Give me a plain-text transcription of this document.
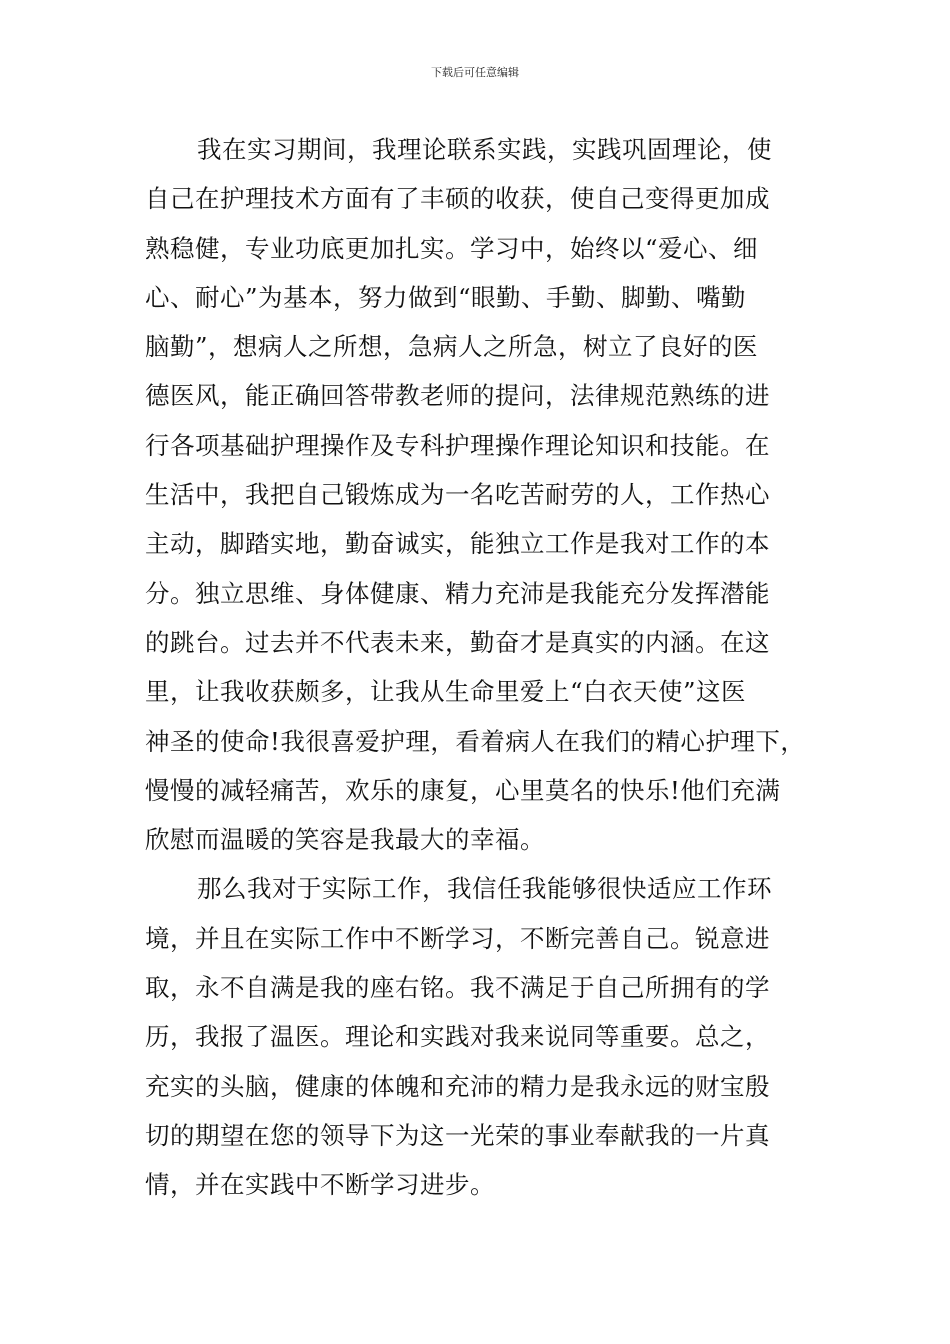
下载后可任意编辑
我在实习期间，我理论联系实践，实践巩固理论，使
自己在护理技术方面有了丰硕的收获，使自己变得更加成
熟稳健，专业功底更加扎实。学习中，始终以“爱心、细
心、耐心”为基本，努力做到“眼勤、手勤、脚勤、嘴勤
脑勤”，想病人之所想，急病人之所急，树立了良好的医
德医风，能正确回答带教老师的提问，法律规范熟练的进
行各项基础护理操作及专科护理操作理论知识和技能。在
生活中，我把自己锻炼成为一名吃苦耐劳的人，工作热心
主动，脚踏实地，勤奋诚实，能独立工作是我对工作的本
分。独立思维、身体健康、精力充沛是我能充分发挥潜能
的跳台。过去并不代表未来，勤奋才是真实的内涵。在这
里，让我收获颇多，让我从生命里爱上“白衣天使”这医
神圣的使命!我很喜爱护理，看着病人在我们的精心护理下，
慢慢的减轻痛苦，欢乐的康复，心里莫名的快乐!他们充满
欣慰而温暖的笑容是我最大的幸福。
那么我对于实际工作，我信任我能够很快适应工作环
境，并且在实际工作中不断学习，不断完善自己。锐意进
取，永不自满是我的座右铭。我不满足于自己所拥有的学
历，我报了温医。理论和实践对我来说同等重要。总之，
充实的头脑，健康的体魄和充沛的精力是我永远的财宝殷
切的期望在您的领导下为这一光荣的事业奉献我的一片真
情，并在实践中不断学习进步。
